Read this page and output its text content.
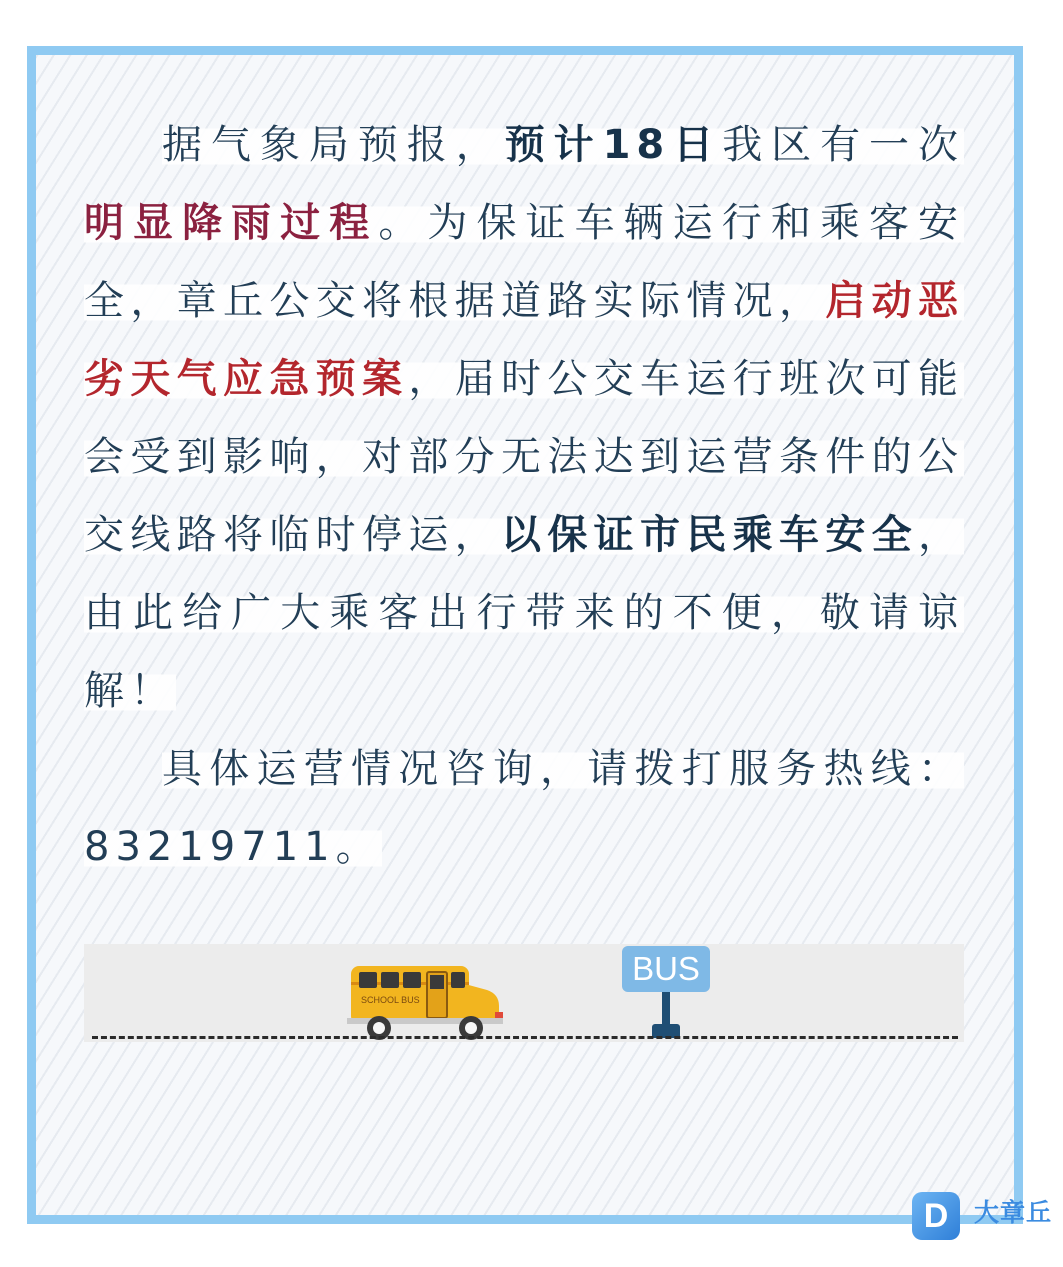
据气象局预报，预计18日我区有一次明显降雨过程。为保证车辆运行和乘客安全，章丘公交将根据道路实际情况，启动恶劣天气应急预案，届时公交车运行班次可能会受到影响，对部分无法达到运营条件的公交线路将临时停运，以保证市民乘车安全，由此给广大乘客出行带来的不便，敬请谅解！

具体运营情况咨询，请拨打服务热线：83219711。

SCHOOL BUS
BUS
D	大章丘
